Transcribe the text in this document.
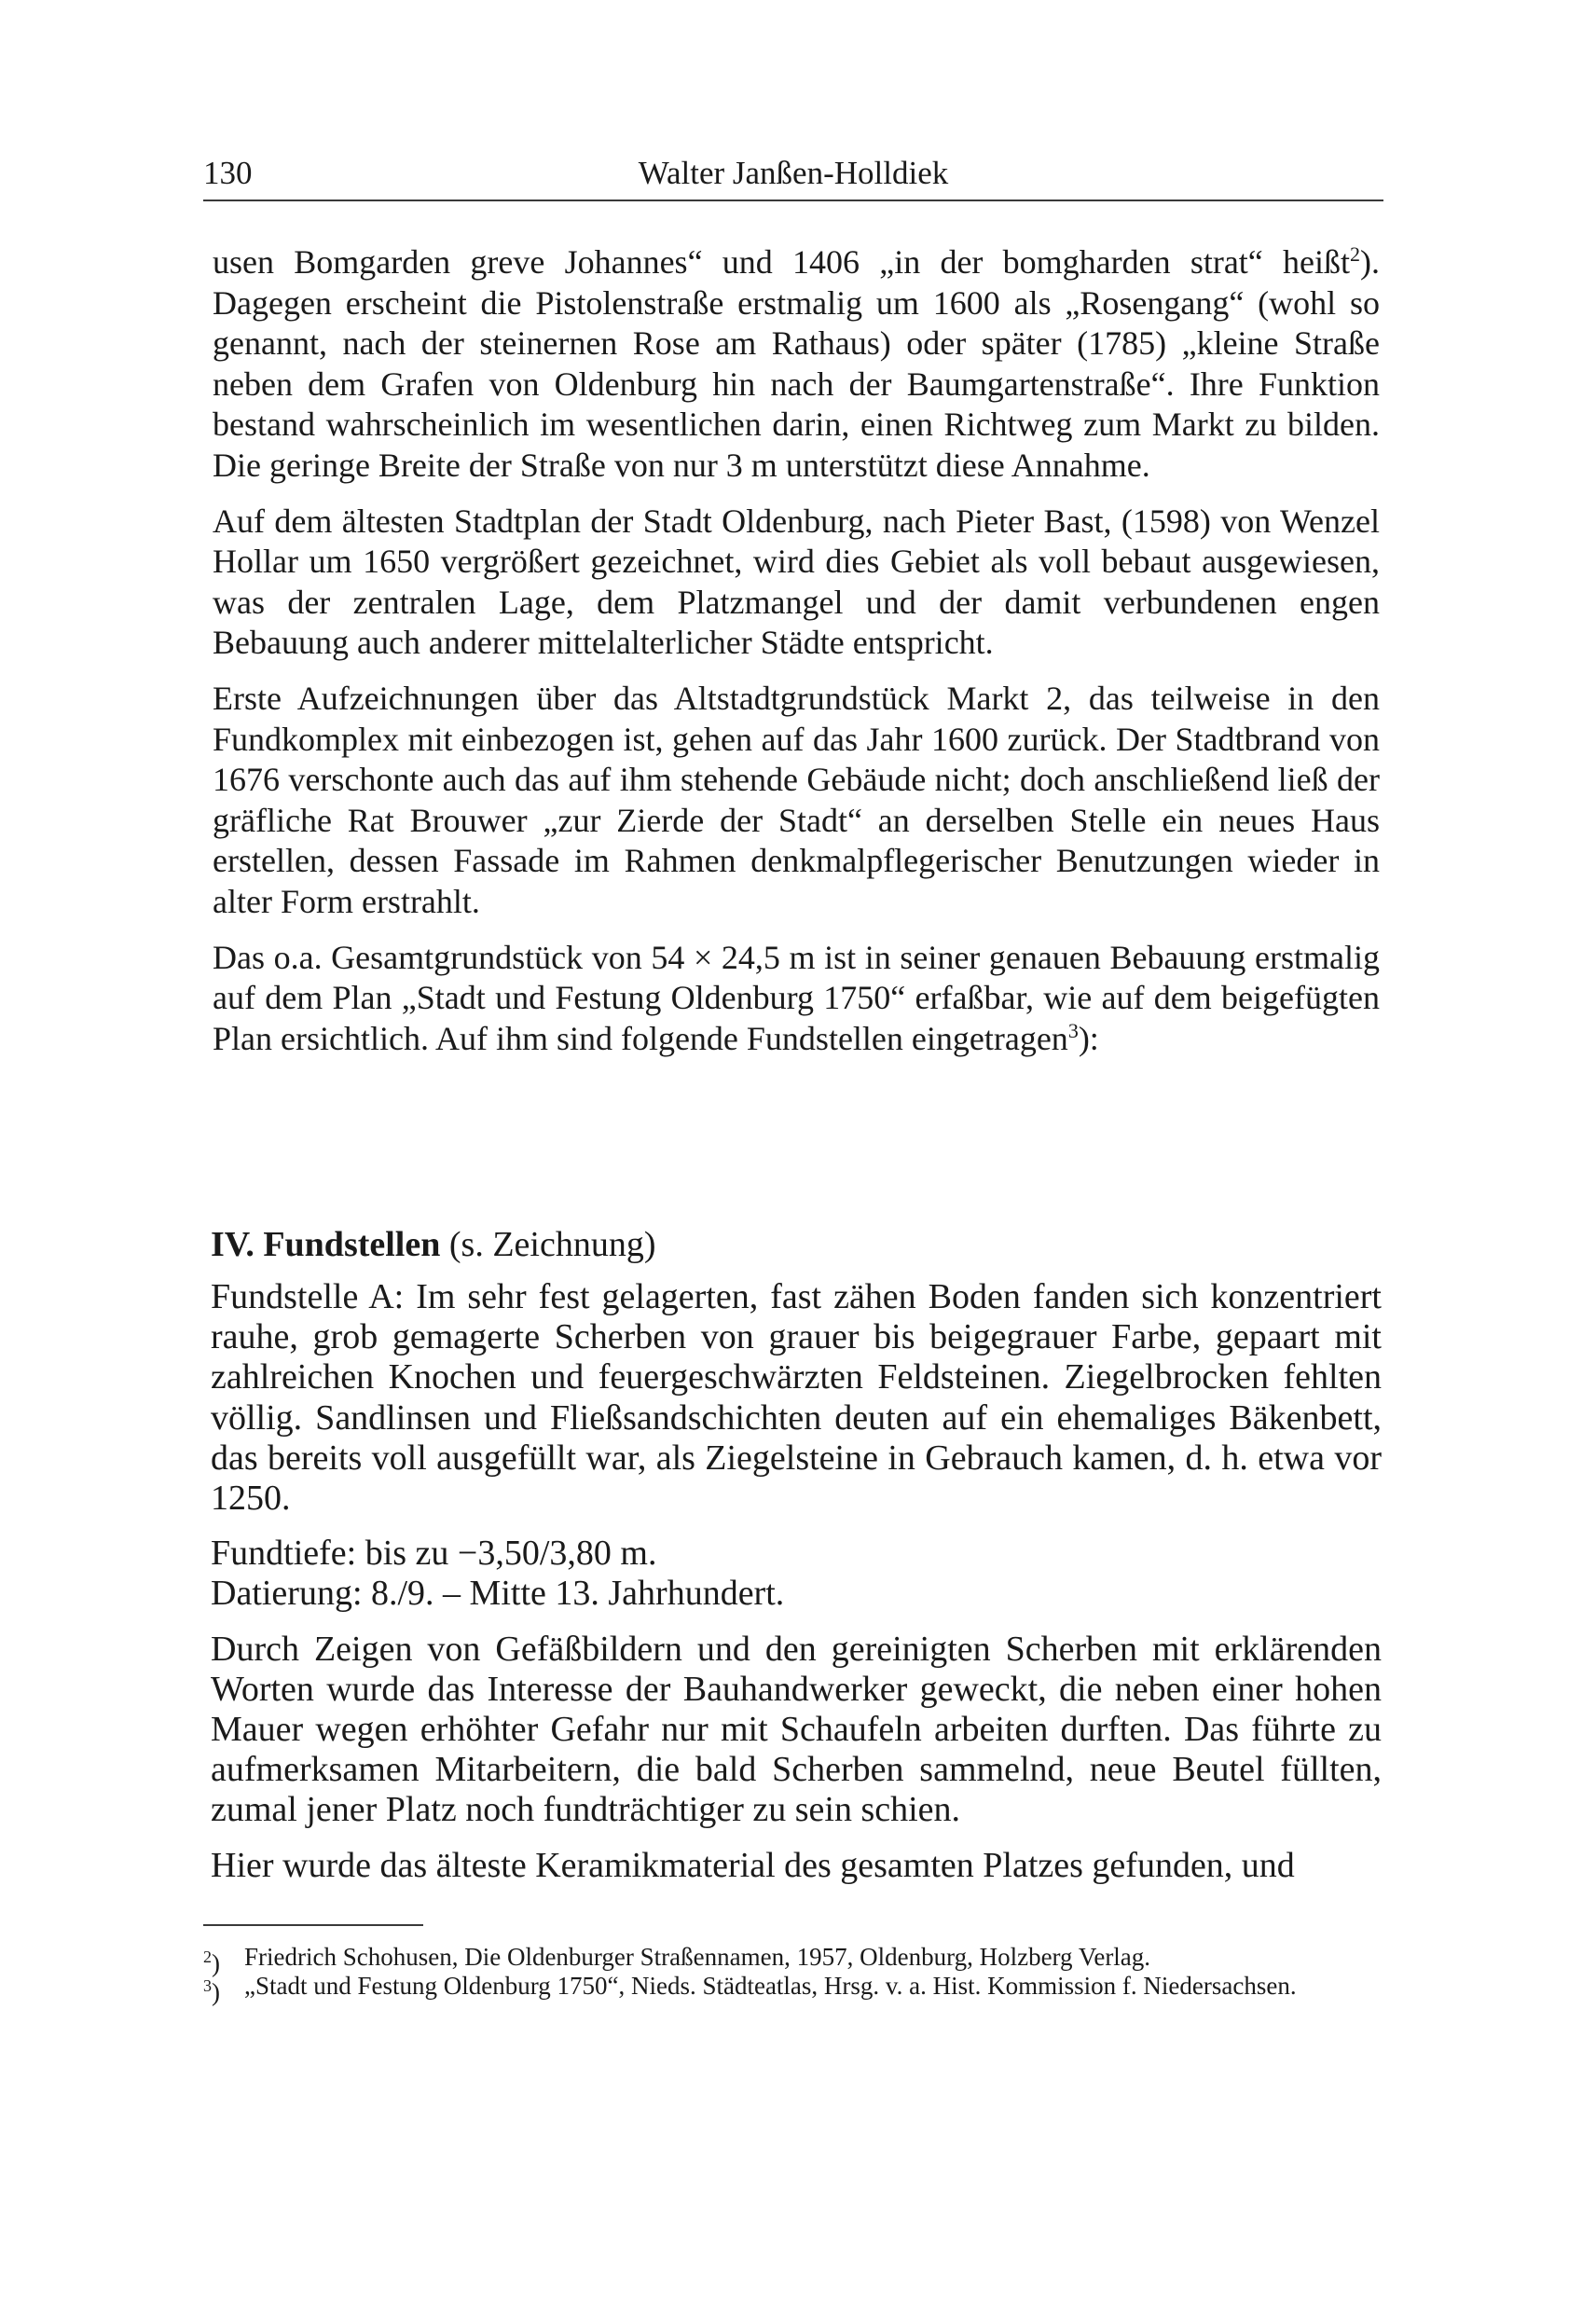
130	Walter Janßen-Holldiek

usen Bomgarden greve Johannes“ und 1406 „in der bomgharden strat“ heißt$^2$). Dagegen erscheint die Pistolenstraße erstmalig um 1600 als „Rosengang“ (wohl so genannt, nach der steinernen Rose am Rathaus) oder später (1785) „kleine Straße neben dem Grafen von Oldenburg hin nach der Baumgartenstraße“. Ihre Funktion bestand wahrscheinlich im wesentlichen darin, einen Richtweg zum Markt zu bilden. Die geringe Breite der Straße von nur 3 m unterstützt diese Annahme.

Auf dem ältesten Stadtplan der Stadt Oldenburg, nach Pieter Bast, (1598) von Wenzel Hollar um 1650 vergrößert gezeichnet, wird dies Gebiet als voll bebaut ausgewiesen, was der zentralen Lage, dem Platzmangel und der damit verbundenen engen Bebauung auch anderer mittelalterlicher Städte entspricht.

Erste Aufzeichnungen über das Altstadtgrundstück Markt 2, das teilweise in den Fundkomplex mit einbezogen ist, gehen auf das Jahr 1600 zurück. Der Stadtbrand von 1676 verschonte auch das auf ihm stehende Gebäude nicht; doch anschließend ließ der gräfliche Rat Brouwer „zur Zierde der Stadt“ an derselben Stelle ein neues Haus erstellen, dessen Fassade im Rahmen denkmalpflegerischer Benutzungen wieder in alter Form erstrahlt.

Das o.a. Gesamtgrundstück von 54 × 24,5 m ist in seiner genauen Bebauung erstmalig auf dem Plan „Stadt und Festung Oldenburg 1750“ erfaßbar, wie auf dem beigefügten Plan ersichtlich. Auf ihm sind folgende Fundstellen eingetragen$^3$):

IV. Fundstellen (s. Zeichnung)

Fundstelle A: Im sehr fest gelagerten, fast zähen Boden fanden sich konzentriert rauhe, grob gemagerte Scherben von grauer bis beigegrauer Farbe, gepaart mit zahlreichen Knochen und feuergeschwärzten Feldsteinen. Ziegelbrocken fehlten völlig. Sandlinsen und Fließsandschichten deuten auf ein ehemaliges Bäkenbett, das bereits voll ausgefüllt war, als Ziegelsteine in Gebrauch kamen, d. h. etwa vor 1250.

Fundtiefe: bis zu −3,50/3,80 m.
Datierung: 8./9. – Mitte 13. Jahrhundert.

Durch Zeigen von Gefäßbildern und den gereinigten Scherben mit erklärenden Worten wurde das Interesse der Bauhandwerker geweckt, die neben einer hohen Mauer wegen erhöhter Gefahr nur mit Schaufeln arbeiten durften. Das führte zu aufmerksamen Mitarbeitern, die bald Scherben sammelnd, neue Beutel füllten, zumal jener Platz noch fundträchtiger zu sein schien.

Hier wurde das älteste Keramikmaterial des gesamten Platzes gefunden, und

$^2$) Friedrich Schohusen, Die Oldenburger Straßennamen, 1957, Oldenburg, Holzberg Verlag.

$^3$) „Stadt und Festung Oldenburg 1750“, Nieds. Städteatlas, Hrsg. v. a. Hist. Kommission f. Niedersachsen.
